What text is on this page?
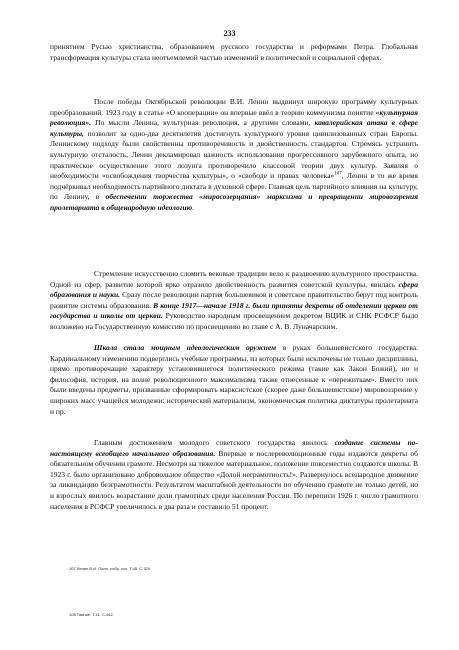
233

принятием Русью христианства, образованием русского государства и реформами Петра. Глобальная трансформация культуры стала неотъемлемой частью изменений в политической и социальной сферах.

После победы Октябрьской революции В.И. Ленин выдвинул широкую программу культурных преобразований. 1923 году в статье «О кооперации» он впервые ввёл в теорию коммунизма понятие «культурная революция». По мысли Ленина, культурная революция, а другими словами, кавалерийская атака в сфере культуры, позволит за одно-два десятилетия достигнуть культурного уровня цивилизованных стран Европы. Ленинскому подходу были свойственны противоречивость и двойственность стандартов. Стремясь устранить культурную отсталость, Ленин декламировал важность использования прогрессивного зарубежного опыта, но практическое осуществление этого лозунга противоречило классовой теории двух культур. Заявляя о необходимости «освобождения творчества культуры», о «свободе и правах человека»$^{107}$, Ленин в то же время подчёркивал необходимость партийного диктата в духовной сфере. Главная цель партийного влияния на культуру, по Ленину, в обеспечении торжества «миросозерцания» марксизма и превращении мировоззрения пролетариата в общенародную идеологию.

Стремление искусственно сломить вековые традиции вело к раздвоению культурного пространства. Одной из сфер, развитие которой ярко отразило двойственность развития советской культуры, явилась сфера образования и науки. Сразу после революции партия большевиков и советское правительство берут под контроль развитие системы образования. В конце 1917—начале 1918 г. были приняты декреты об отделении церкви от государства и школы от церкви. Руководство народным просвещением декретом ВЦИК и СНК РСФСР было возложено на Государственную комиссию по просвещению во главе с А. В. Луначарским.

Школа стала мощным идеологическим оружием в руках большевистского государства. Кардинальному изменению подверглись учебные программы, из которых были исключены не только дисциплины, прямо противоречащие характеру установившегося политического режима (такие как Закон Божий), но и философия, история, на волне революционного максимализма также отнесенные к «пережиткам». Вместо них были введены предметы, призванные сформировать марксистское (скорее даже большевистское) мировоззрение у широких масс учащейся молодежи: исторический материализм, экономическая политика диктатуры пролетариата и пр.

Главным достижением молодого советского государства явилось создание системы по-настоящему всеобщего начального образования. Впервые в послереволюционные годы издаются декреты об обязательном обучении грамоте. Несмотря на тяжелое материальное, положение повсеместно создаются школы. В 1923 г. было организовано добровольное общество «Долой неграмотность!». Развернулось всенародное движение за ликвидацию безграмотности. Результатом масштабной деятельности по обучению грамоте не только детей, но и взрослых явилось возрастание доли грамотных среди населения России. По переписи 1926 г. число грамотного населения в РСФСР увеличилось в два раза и составило 51 процент.

107 Ленин В.И. Полн. собр. соч. Т.45. С.320.
108 Там же. Т.41. С.462.
